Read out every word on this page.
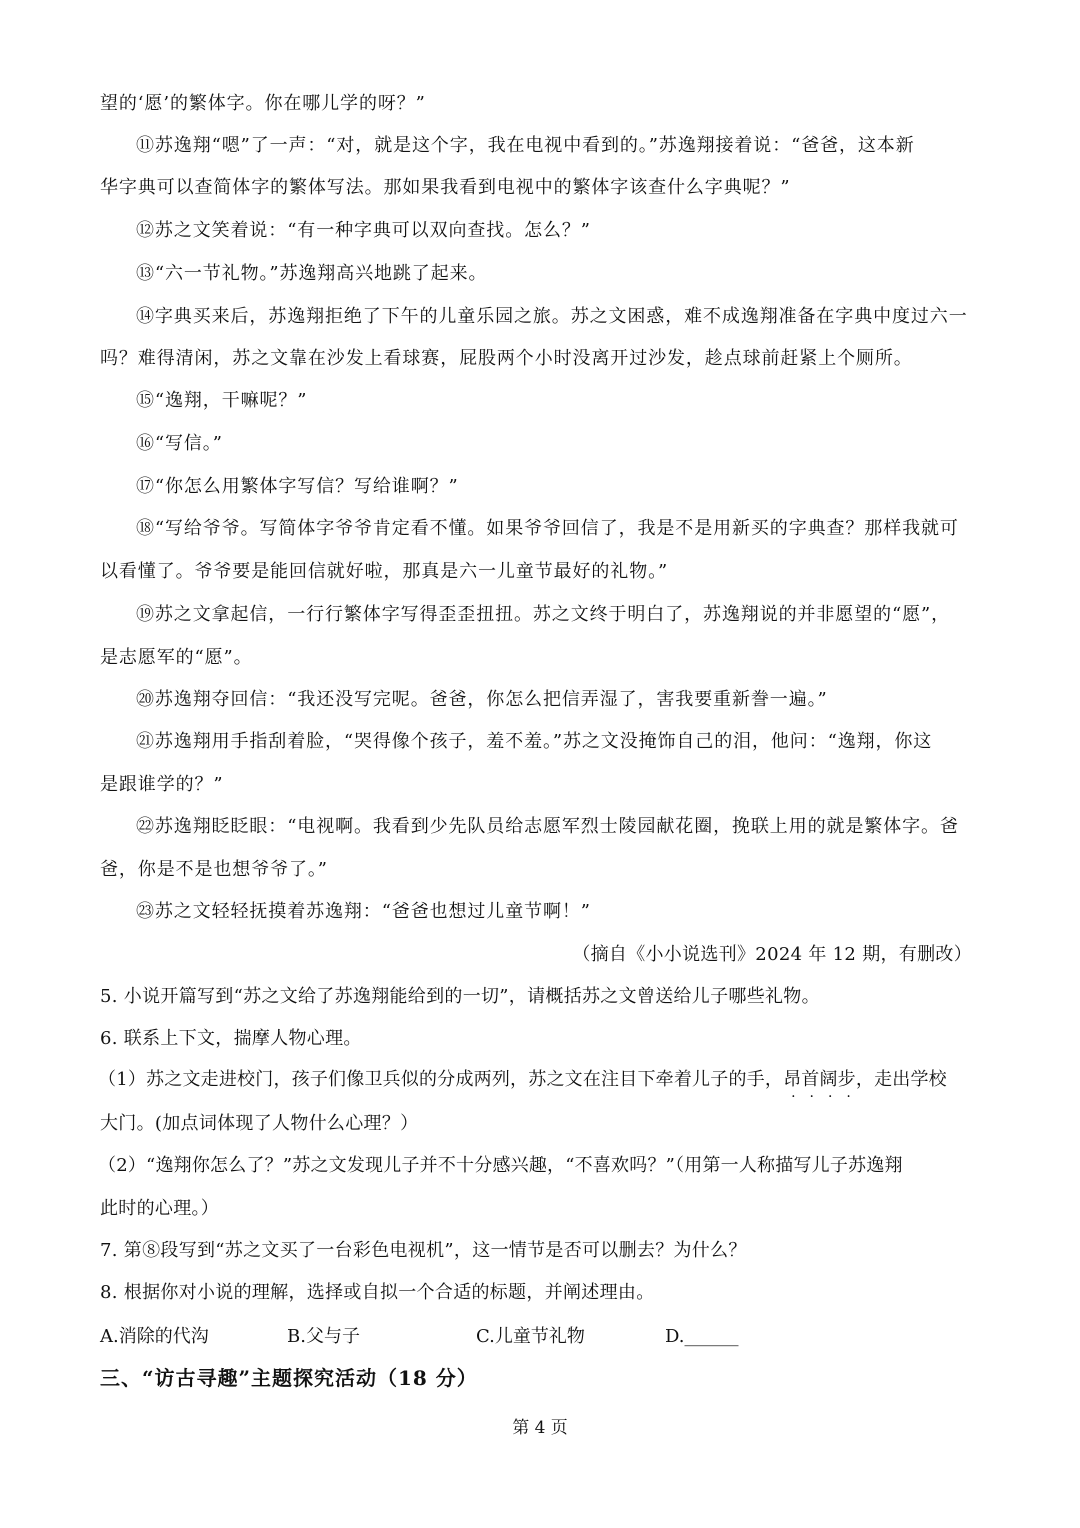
望的‘愿’的繁体字。你在哪儿学的呀？”
⑪苏逸翔“嗯”了一声：“对，就是这个字，我在电视中看到的。”苏逸翔接着说：“爸爸，这本新
华字典可以查简体字的繁体写法。那如果我看到电视中的繁体字该查什么字典呢？”
⑫苏之文笑着说：“有一种字典可以双向查找。怎么？”
⑬“六一节礼物。”苏逸翔高兴地跳了起来。
⑭字典买来后，苏逸翔拒绝了下午的儿童乐园之旅。苏之文困惑，难不成逸翔准备在字典中度过六一
吗？难得清闲，苏之文靠在沙发上看球赛，屁股两个小时没离开过沙发，趁点球前赶紧上个厕所。
⑮“逸翔，干嘛呢？”
⑯“写信。”
⑰“你怎么用繁体字写信？写给谁啊？”
⑱“写给爷爷。写简体字爷爷肯定看不懂。如果爷爷回信了，我是不是用新买的字典查？那样我就可
以看懂了。爷爷要是能回信就好啦，那真是六一儿童节最好的礼物。”
⑲苏之文拿起信，一行行繁体字写得歪歪扭扭。苏之文终于明白了，苏逸翔说的并非愿望的“愿”，
是志愿军的“愿”。
⑳苏逸翔夺回信：“我还没写完呢。爸爸，你怎么把信弄湿了，害我要重新誊一遍。”
㉑苏逸翔用手指刮着脸，“哭得像个孩子，羞不羞。”苏之文没掩饰自己的泪，他问：“逸翔，你这
是跟谁学的？”
㉒苏逸翔眨眨眼：“电视啊。我看到少先队员给志愿军烈士陵园献花圈，挽联上用的就是繁体字。爸
爸，你是不是也想爷爷了。”
㉓苏之文轻轻抚摸着苏逸翔：“爸爸也想过儿童节啊！”
（摘自《小小说选刊》2024 年 12 期，有删改）
5. 小说开篇写到“苏之文给了苏逸翔能给到的一切”，请概括苏之文曾送给儿子哪些礼物。
6. 联系上下文，揣摩人物心理。
（1）苏之文走进校门，孩子们像卫兵似的分成两列，苏之文在注目下牵着儿子的手，昂首阔步
····
，走出学校
大门。(加点词体现了人物什么心理？）
（2）“逸翔你怎么了？”苏之文发现儿子并不十分感兴趣，“不喜欢吗？”（用第一人称描写儿子苏逸翔
此时的心理。）
7. 第⑧段写到“苏之文买了一台彩色电视机”，这一情节是否可以删去？为什么？
8. 根据你对小说的理解，选择或自拟一个合适的标题，并阐述理由。
A.消除的代沟	B.父与子	C.儿童节礼物	D.______
三、“访古寻趣”主题探究活动（18 分）
第 4 页
